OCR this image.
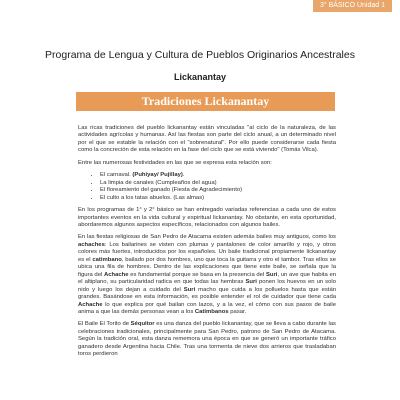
3° BÁSICO Unidad 1
Programa de Lengua y Cultura de Pueblos Originarios Ancestrales
Lickanantay
Tradiciones Lickanantay

Las ricas tradiciones del pueblo lickanantay están vinculadas "al ciclo de la naturaleza, de las actividades agrícolas y humanas. Así las fiestas son parte del ciclo anual, a un determinado nivel por el que se estable la relación con el "sobrenatural". Por ello puede considerarse cada fiesta como la concreción de esta relación en la fase del ciclo que se está viviendo" (Tomás Vilca).

Entre las numerosas festividades en las que se expresa esta relación son:

• El carnaval. (Puhiyay/ Pujillay).
• La limpia de canales (Cumpleaños del agua)
• El floreamiento del ganado (Fiesta de Agradecimiento)
• El culto a los tatas abuelos. (Las almas)

En los programas de 1° y 2° básico se han entregado variadas referencias a cada uno de estos importantes eventos en la vida cultural y espiritual lickanantay. No obstante, en esta oportunidad, abordaremos algunos aspectos específicos, relacionados con algunos bailes.

En las fiestas religiosas de San Pedro de Atacama existen además bailes muy antiguos, como los achaches: Los bailarines se visten con plumas y pantalones de color amarillo y rojo, y otros colores más fuertes, introducidos por los españoles. Un baile tradicional propiamente lickanantay es el catimbano, bailado por dos hombres, uno que toca la guitarra y otro el tambor. Tras ellos se ubica una fila de hombres. Dentro de las explicaciones que tiene este baile, se señala que la figura del Achache es fundamental porque se basa en la presencia del Suri, un ave que habita en el altiplano, su particularidad radica en que todas las hembras Suri ponen los huevos en un solo nido y luego los dejan a cuidado del Suri macho que cuida a los polluelos hasta que están grandes. Basándose en esta información, es posible entender el rol de cuidador que tiene cada Achache lo que explica por qué bailan con lazos, y a la vez, el cómo con sus pasos de baile anima a que las demás personas vean a los Catimbanos pasar.

El Baile El Torito de Séquitor es una danza del pueblo lickanantay, que se lleva a cabo durante las celebraciones tradicionales, principalmente para San Pedro, patrono de San Pedro de Atacama. Según la tradición oral, esta danza rememora una época en que se generó un importante tráfico ganadero desde Argentina hacia Chile. Tras una tormenta de nieve dos arrieros que trasladaban toros perdieron
